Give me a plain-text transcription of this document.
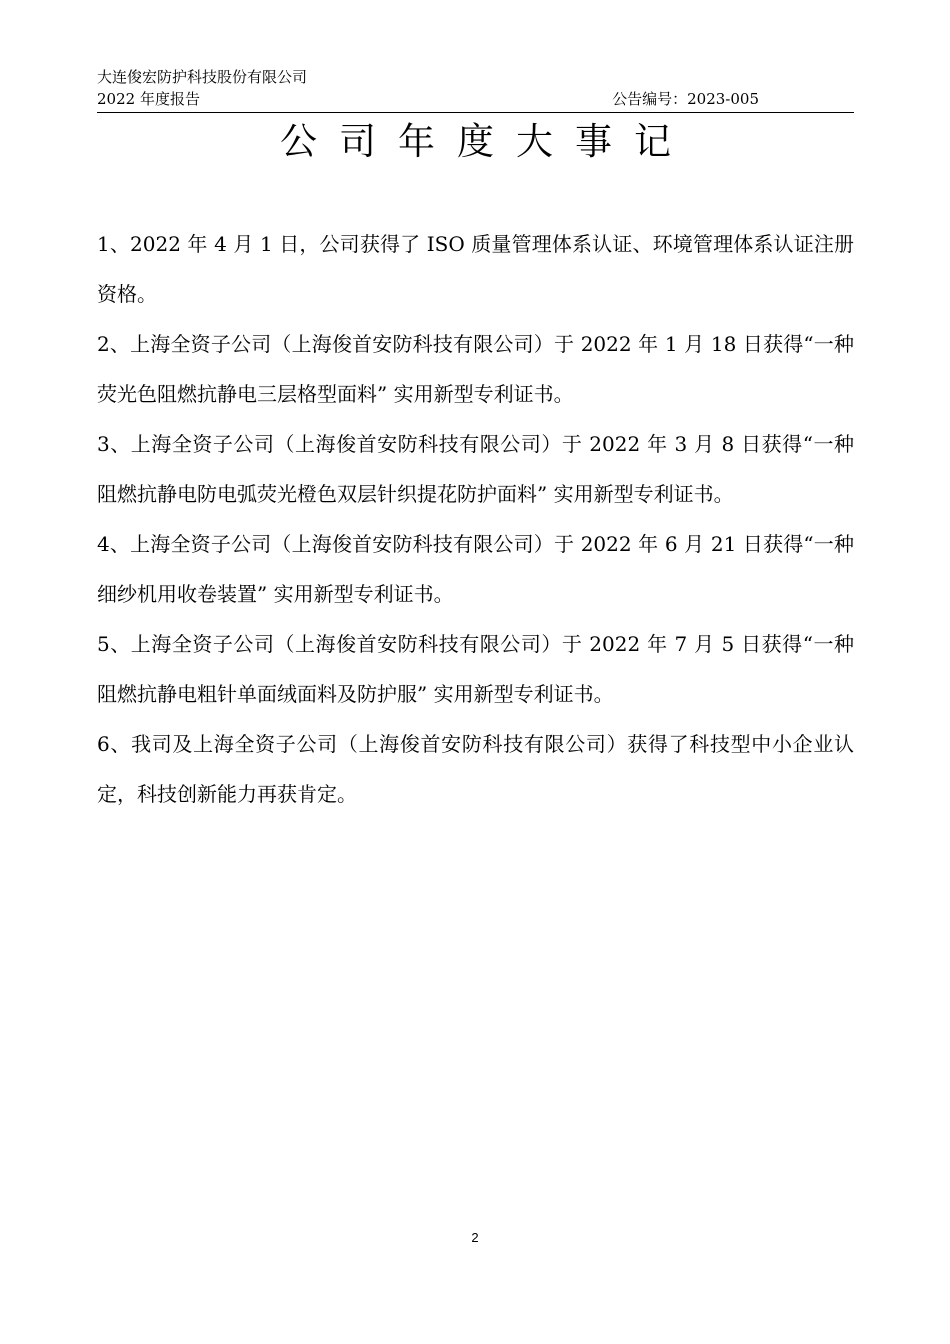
大连俊宏防护科技股份有限公司
2022 年度报告	公告编号：2023-005
公司年度大事记

1、2022 年 4 月 1 日，公司获得了 ISO 质量管理体系认证、环境管理体系认证注册资格。

2、上海全资子公司（上海俊首安防科技有限公司）于 2022 年 1 月 18 日获得“一种荧光色阻燃抗静电三层格型面料” 实用新型专利证书。

3、上海全资子公司（上海俊首安防科技有限公司）于 2022 年 3 月 8 日获得“一种阻燃抗静电防电弧荧光橙色双层针织提花防护面料” 实用新型专利证书。

4、上海全资子公司（上海俊首安防科技有限公司）于 2022 年 6 月 21 日获得“一种细纱机用收卷装置” 实用新型专利证书。

5、上海全资子公司（上海俊首安防科技有限公司）于 2022 年 7 月 5 日获得“一种阻燃抗静电粗针单面绒面料及防护服” 实用新型专利证书。

6、我司及上海全资子公司（上海俊首安防科技有限公司）获得了科技型中小企业认定，科技创新能力再获肯定。

2
